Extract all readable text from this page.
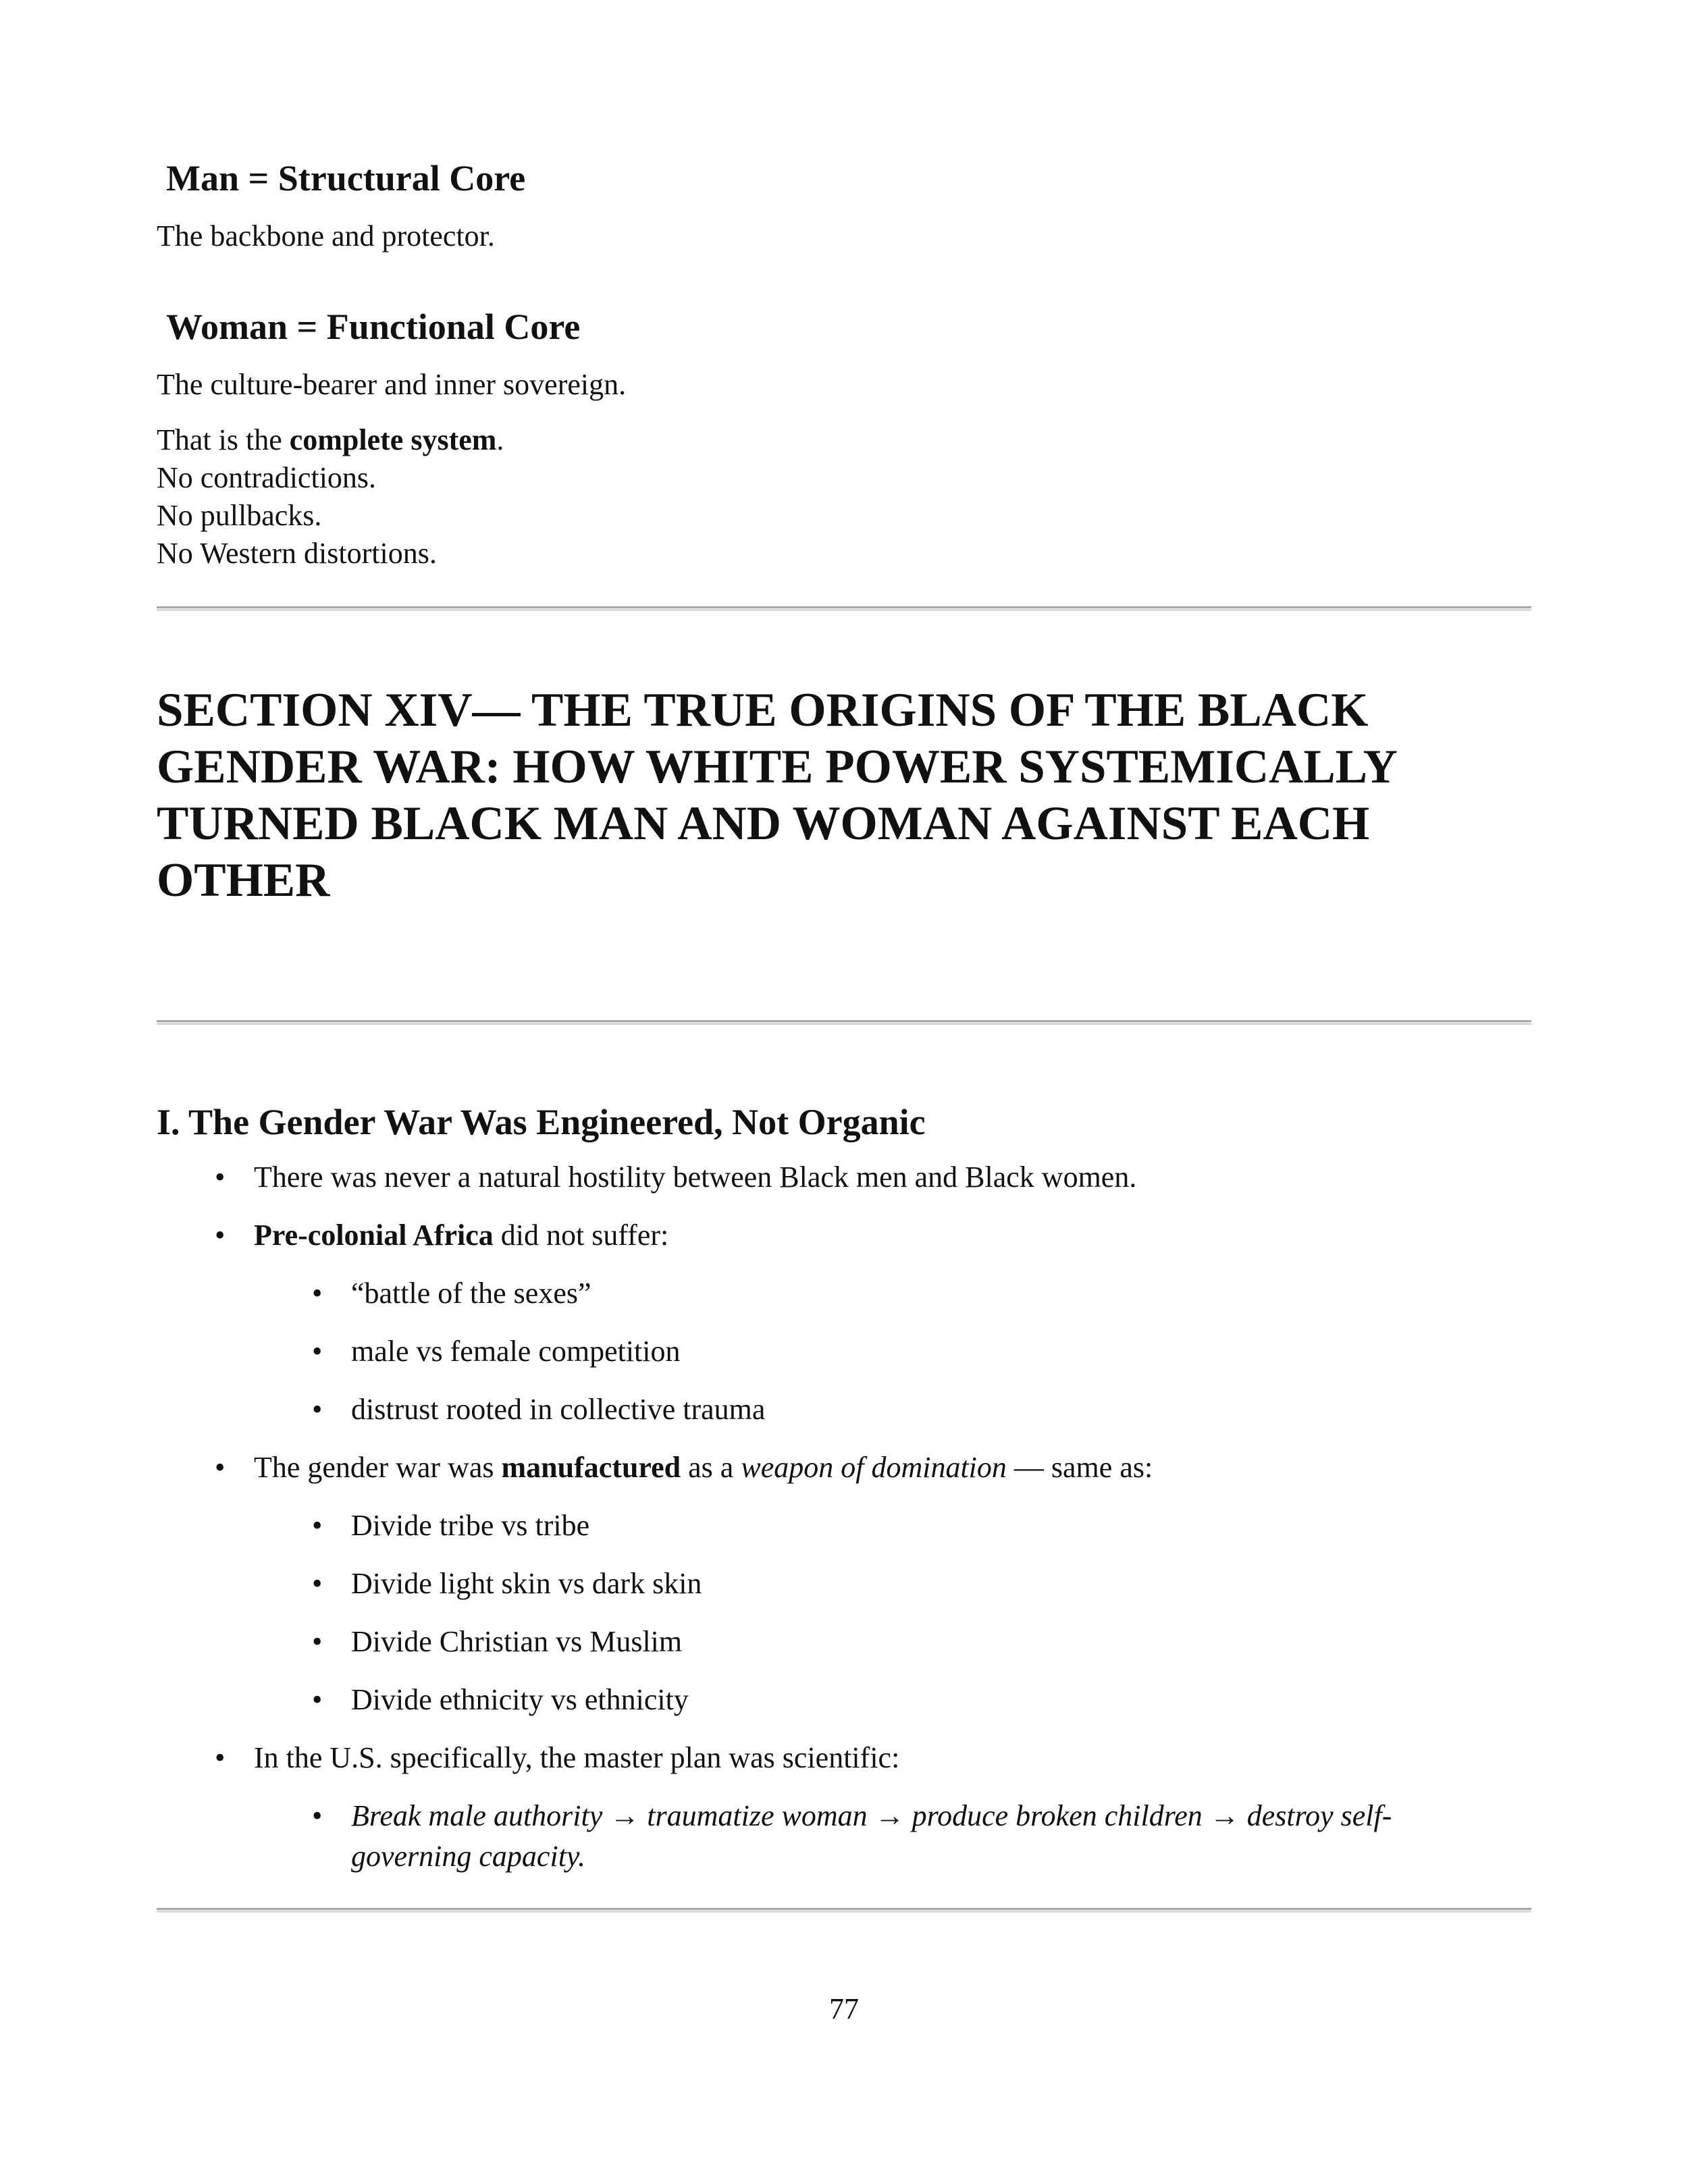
Man = Structural Core
The backbone and protector.
Woman = Functional Core
The culture-bearer and inner sovereign.
That is the complete system.
No contradictions.
No pullbacks.
No Western distortions.
SECTION XIV— THE TRUE ORIGINS OF THE BLACK
GENDER WAR: HOW WHITE POWER SYSTEMICALLY
TURNED BLACK MAN AND WOMAN AGAINST EACH
OTHER
I. The Gender War Was Engineered, Not Organic
• There was never a natural hostility between Black men and Black women.
• Pre-colonial Africa did not suffer:
• “battle of the sexes”
• male vs female competition
• distrust rooted in collective trauma
• The gender war was manufactured as a weapon of domination — same as:
• Divide tribe vs tribe
• Divide light skin vs dark skin
• Divide Christian vs Muslim
• Divide ethnicity vs ethnicity
• In the U.S. specifically, the master plan was scientific:
• Break male authority → traumatize woman → produce broken children → destroy self-
governing capacity.
77
